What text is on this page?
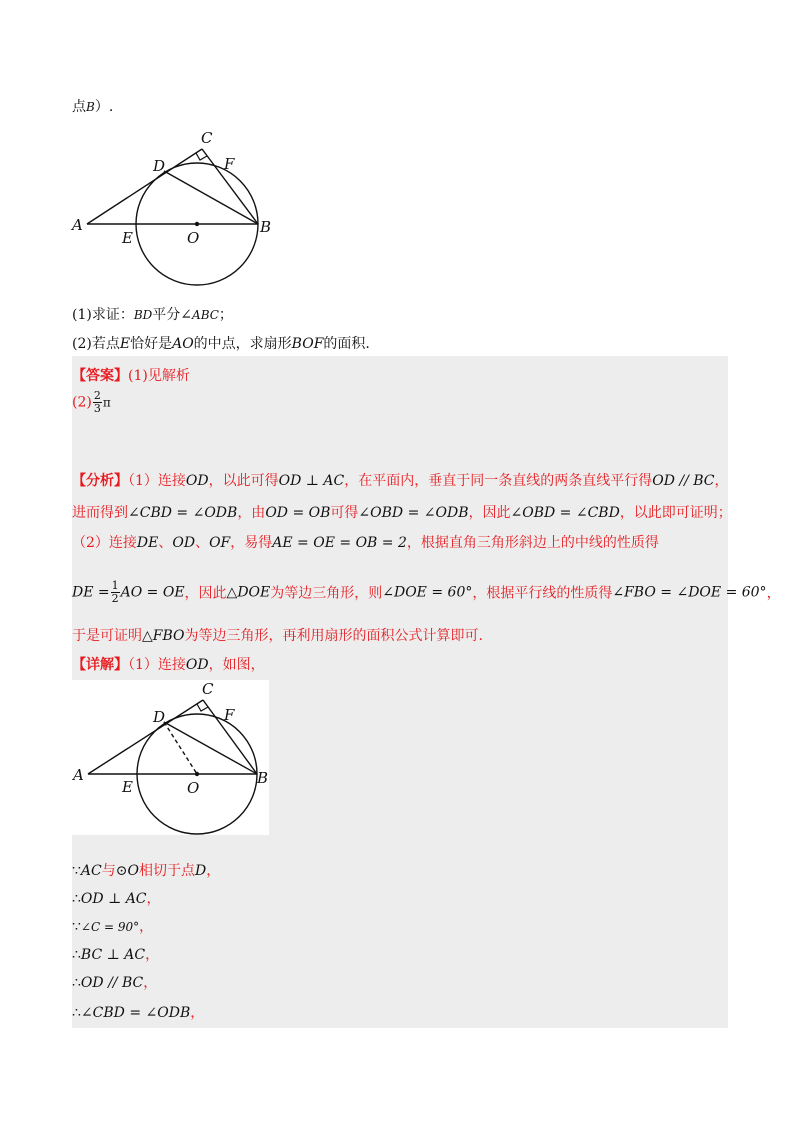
点B）.
A	B
C
D
E
F
O
(1)求证：BD平分∠ABC；
(2)若点E恰好是AO的中点，求扇形BOF的面积.
【答案】(1)见解析
$(2) \frac{2}{3}$ π
【分析】（1）连接OD，以此可得OD ⊥ AC，在平面内，垂直于同一条直线的两条直线平行得OD // BC，
进而得到∠CBD = ∠ODB，由OD = OB可得∠OBD = ∠ODB，因此∠OBD = ∠CBD，以此即可证明；
（2）连接DE、OD、OF，易得AE = OE = OB = 2，根据直角三角形斜边上的中线的性质得
DE = $\frac{1}{2}$ AO = OE，因此△DOE为等边三角形，则∠DOE = 60°，根据平行线的性质得∠FBO = ∠DOE = 60°，
于是可证明△FBO为等边三角形，再利用扇形的面积公式计算即可.
【详解】（1）连接OD，如图，
A	B
C
D
E
F
O
∵AC与⊙O相切于点D，
∴OD ⊥ AC，
∵∠C = 90°，
∴BC ⊥ AC，
∴OD // BC，
∴∠CBD = ∠ODB，
